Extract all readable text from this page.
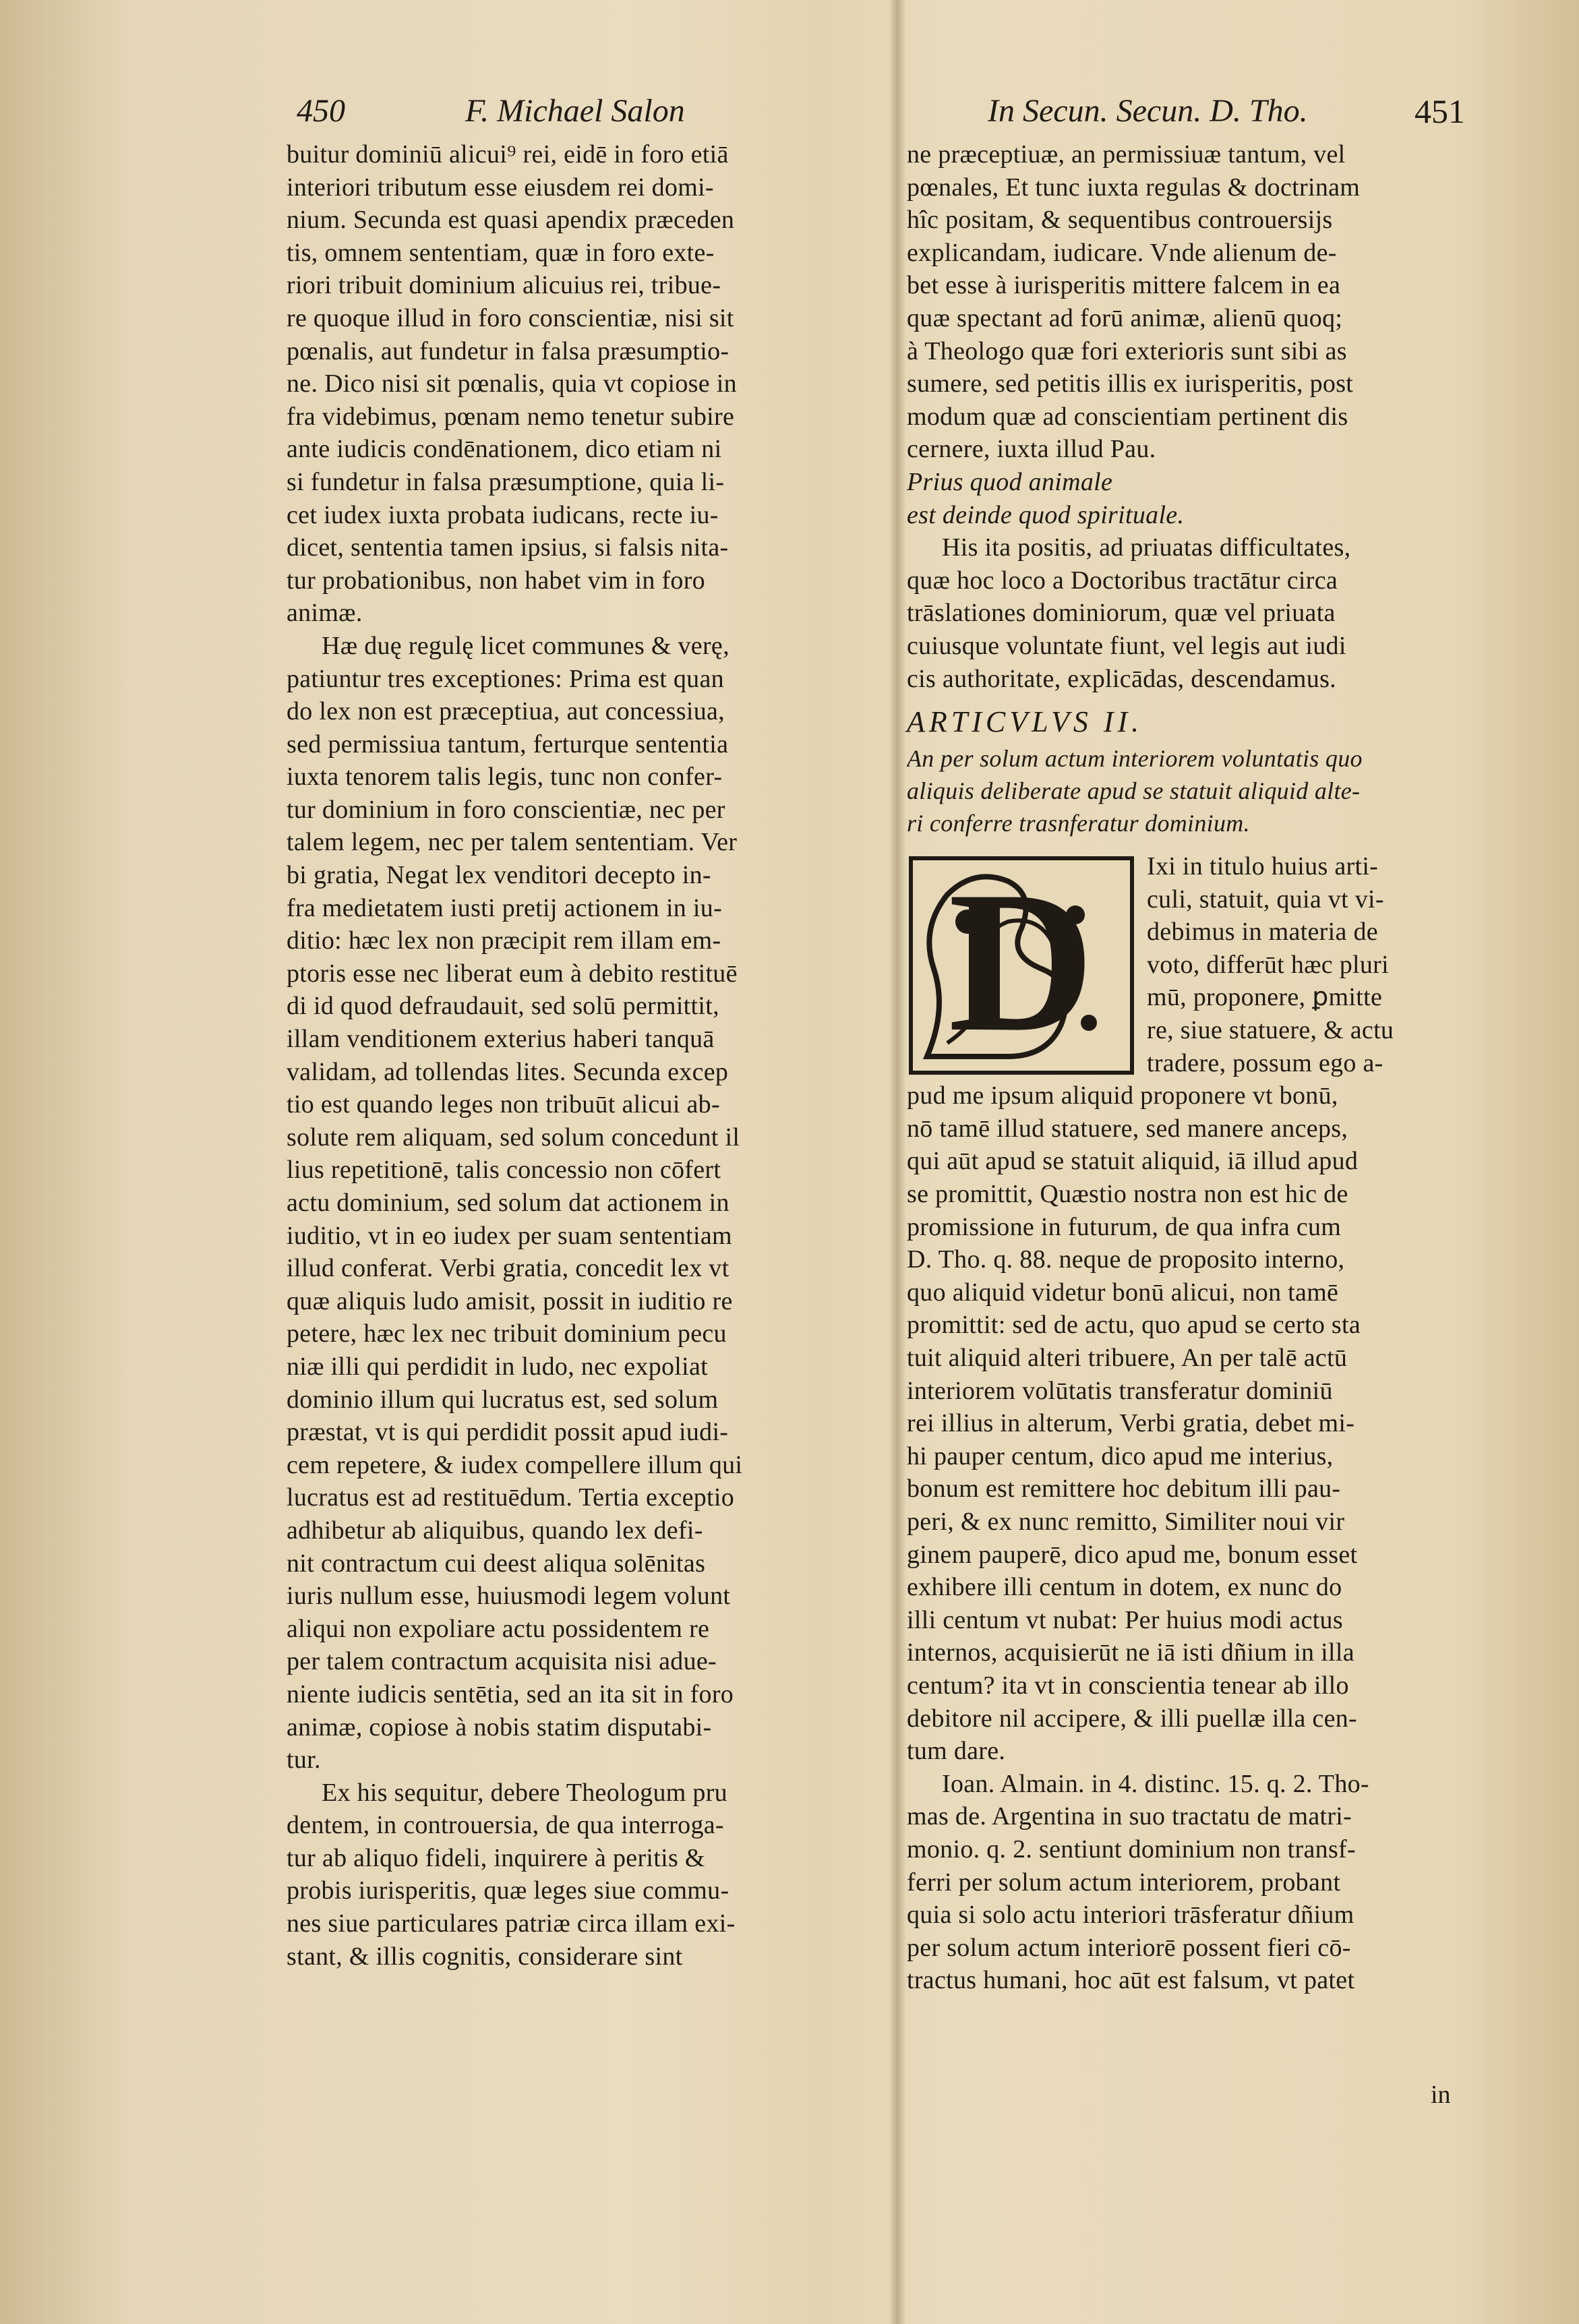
450	F. Michael Salon	In Secun. Secun. D. Tho.	451
buitur dominiū alicui⁹ rei, eidē in foro etiā
interiori tributum esse eiusdem rei domi-
nium. Secunda est quasi apendix præceden
tis, omnem sententiam, quæ in foro exte-
riori tribuit dominium alicuius rei, tribue-
re quoque illud in foro conscientiæ, nisi sit
pœnalis, aut fundetur in falsa præsumptio-
ne. Dico nisi sit pœnalis, quia vt copiose in
fra videbimus, pœnam nemo tenetur subire
ante iudicis condēnationem, dico etiam ni
si fundetur in falsa præsumptione, quia li-
cet iudex iuxta probata iudicans, recte iu-
dicet, sententia tamen ipsius, si falsis nita-
tur probationibus, non habet vim in foro
animæ.
Hæ duę regulę licet communes & verę,
patiuntur tres exceptiones: Prima est quan
do lex non est præceptiua, aut concessiua,
sed permissiua tantum, ferturque sententia
iuxta tenorem talis legis, tunc non confer-
tur dominium in foro conscientiæ, nec per
talem legem, nec per talem sententiam. Ver
bi gratia, Negat lex venditori decepto in-
fra medietatem iusti pretij actionem in iu-
ditio: hæc lex non præcipit rem illam em-
ptoris esse nec liberat eum à debito restituē
di id quod defraudauit, sed solū permittit,
illam venditionem exterius haberi tanquā
validam, ad tollendas lites. Secunda excep
tio est quando leges non tribuūt alicui ab-
solute rem aliquam, sed solum concedunt il
lius repetitionē, talis concessio non cōfert
actu dominium, sed solum dat actionem in
iuditio, vt in eo iudex per suam sententiam
illud conferat. Verbi gratia, concedit lex vt
quæ aliquis ludo amisit, possit in iuditio re
petere, hæc lex nec tribuit dominium pecu
niæ illi qui perdidit in ludo, nec expoliat
dominio illum qui lucratus est, sed solum
præstat, vt is qui perdidit possit apud iudi-
cem repetere, & iudex compellere illum qui
lucratus est ad restituēdum. Tertia exceptio
adhibetur ab aliquibus, quando lex defi-
nit contractum cui deest aliqua solēnitas
iuris nullum esse, huiusmodi legem volunt
aliqui non expoliare actu possidentem re
per talem contractum acquisita nisi adue-
niente iudicis sentētia, sed an ita sit in foro
animæ, copiose à nobis statim disputabi-
tur.
Ex his sequitur, debere Theologum pru
dentem, in controuersia, de qua interroga-
tur ab aliquo fideli, inquirere à peritis &
probis iurisperitis, quæ leges siue commu-
nes siue particulares patriæ circa illam exi-
stant, & illis cognitis, considerare sint
ne præceptiuæ, an permissiuæ tantum, vel
pœnales, Et tunc iuxta regulas & doctrinam
hîc positam, & sequentibus controuersijs
explicandam, iudicare. Vnde alienum de-
bet esse à iurisperitis mittere falcem in ea
quæ spectant ad forū animæ, alienū quoq;
à Theologo quæ fori exterioris sunt sibi as
sumere, sed petitis illis ex iurisperitis, post
modum quæ ad conscientiam pertinent dis
cernere, iuxta illud Pau.
Prius quod animale
est deinde quod spirituale.
His ita positis, ad priuatas difficultates,
quæ hoc loco a Doctoribus tractātur circa
trāslationes dominiorum, quæ vel priuata
cuiusque voluntate fiunt, vel legis aut iudi
cis authoritate, explicādas, descendamus.
ARTICVLVS II.
An per solum actum interiorem voluntatis quo
aliquis deliberate apud se statuit aliquid alte-
ri conferre trasnferatur dominium.
D Ixi in titulo huius arti-
culi, statuit, quia vt vi-
debimus in materia de
voto, differūt hæc pluri
mū, proponere, ꝑmitte
re, siue statuere, & actu
tradere, possum ego a-
pud me ipsum aliquid proponere vt bonū,
nō tamē illud statuere, sed manere anceps,
qui aūt apud se statuit aliquid, iā illud apud
se promittit, Quæstio nostra non est hic de
promissione in futurum, de qua infra cum
D. Tho. q. 88. neque de proposito interno,
quo aliquid videtur bonū alicui, non tamē
promittit: sed de actu, quo apud se certo sta
tuit aliquid alteri tribuere, An per talē actū
interiorem volūtatis transferatur dominiū
rei illius in alterum, Verbi gratia, debet mi-
hi pauper centum, dico apud me interius,
bonum est remittere hoc debitum illi pau-
peri, & ex nunc remitto, Similiter noui vir
ginem pauperē, dico apud me, bonum esset
exhibere illi centum in dotem, ex nunc do
illi centum vt nubat: Per huius modi actus
internos, acquisierūt ne iā isti dñium in illa
centum? ita vt in conscientia tenear ab illo
debitore nil accipere, & illi puellæ illa cen-
tum dare.
Ioan. Almain. in 4. distinc. 15. q. 2. Tho-
mas de. Argentina in suo tractatu de matri-
monio. q. 2. sentiunt dominium non transf-
ferri per solum actum interiorem, probant
quia si solo actu interiori trāsferatur dñium
per solum actum interiorē possent fieri cō-
tractus humani, hoc aūt est falsum, vt patet
in
